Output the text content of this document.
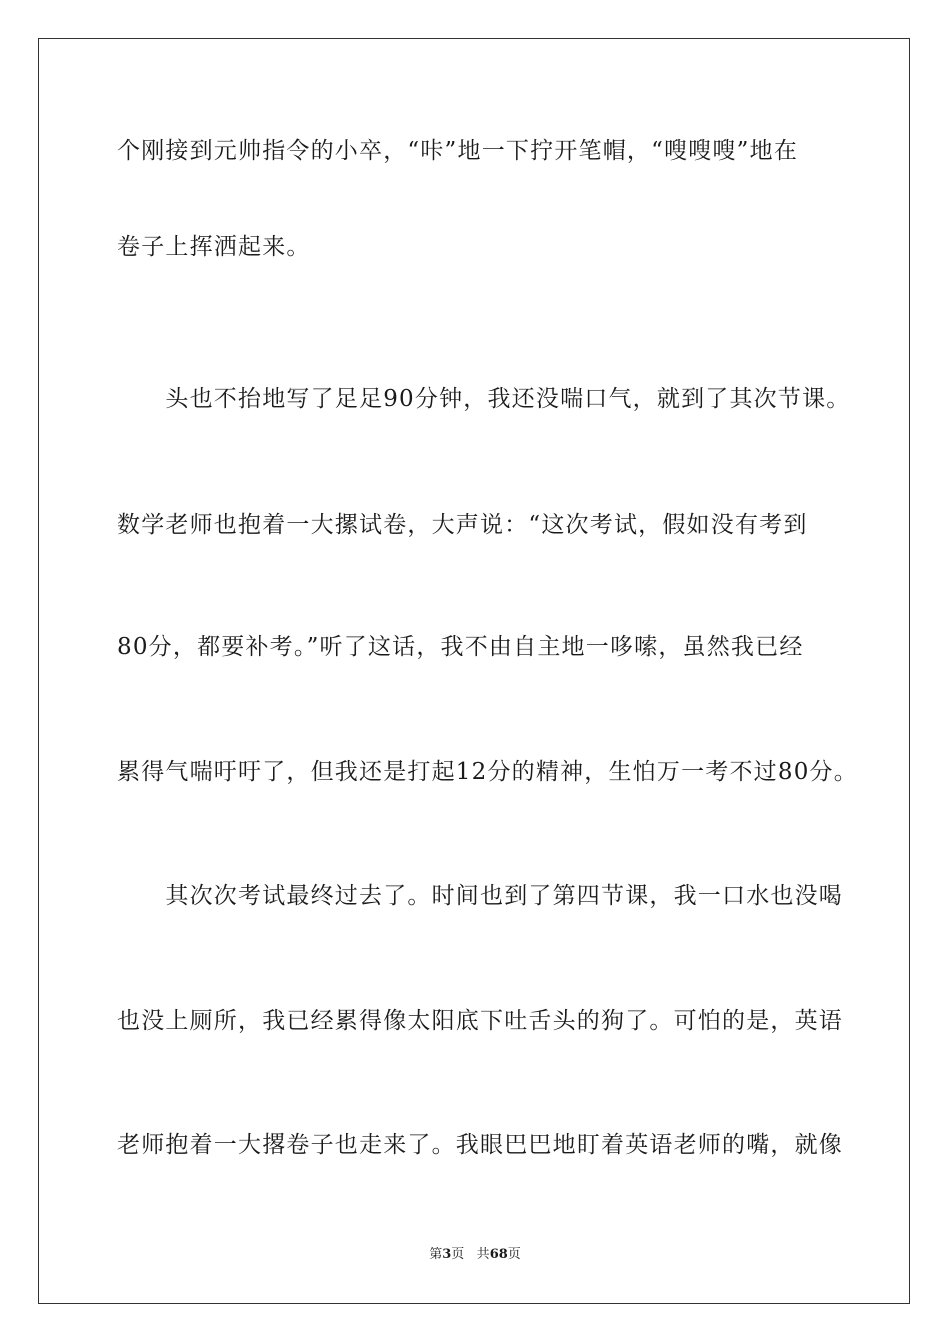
个刚接到元帅指令的小卒，“咔”地一下拧开笔帽，“嗖嗖嗖”地在
卷子上挥洒起来。
　　头也不抬地写了足足90分钟，我还没喘口气，就到了其次节课。
数学老师也抱着一大摞试卷，大声说：“这次考试，假如没有考到
80分，都要补考。”听了这话，我不由自主地一哆嗦，虽然我已经
累得气喘吁吁了，但我还是打起12分的精神，生怕万一考不过80分。
　　其次次考试最终过去了。时间也到了第四节课，我一口水也没喝
也没上厕所，我已经累得像太阳底下吐舌头的狗了。可怕的是，英语
老师抱着一大撂卷子也走来了。我眼巴巴地盯着英语老师的嘴，就像
第3页 共68页
